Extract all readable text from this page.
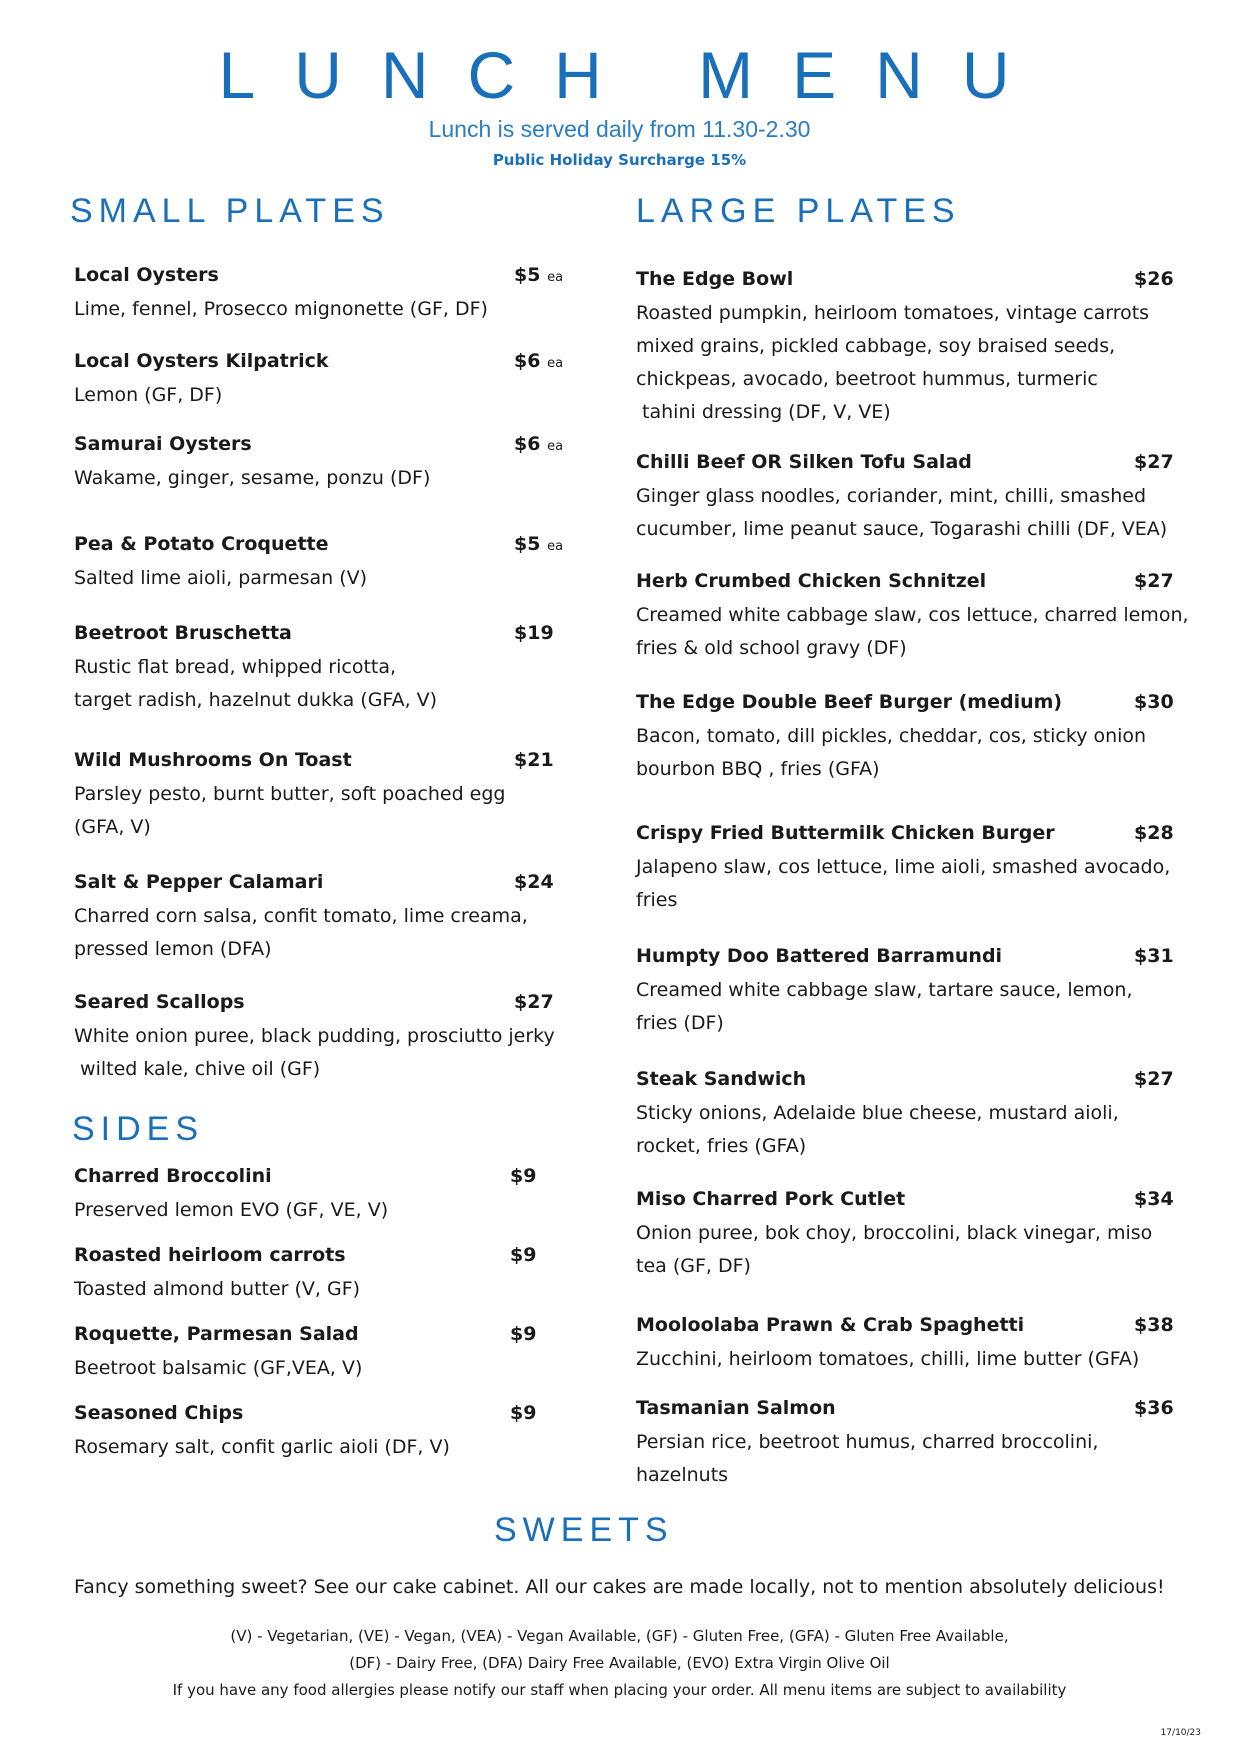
LUNCH MENU
Lunch is served daily from 11.30-2.30
Public Holiday Surcharge 15%
SMALL PLATES	LARGE PLATES
SIDES
SWEETS
Local Oysters	$5 ea
Lime, fennel, Prosecco mignonette (GF, DF)
Local Oysters Kilpatrick	$6 ea
Lemon (GF, DF)
Samurai Oysters	$6 ea
Wakame, ginger, sesame, ponzu (DF)
Pea & Potato Croquette	$5 ea
Salted lime aioli, parmesan (V)
Beetroot Bruschetta	$19
Rustic flat bread, whipped ricotta,
target radish, hazelnut dukka (GFA, V)
Wild Mushrooms On Toast	$21
Parsley pesto, burnt butter, soft poached egg
(GFA, V)
Salt & Pepper Calamari	$24
Charred corn salsa, confit tomato, lime creama,
pressed lemon (DFA)
Seared Scallops	$27
White onion puree, black pudding, prosciutto jerky
wilted kale, chive oil (GF)
Charred Broccolini	$9
Preserved lemon EVO (GF, VE, V)
Roasted heirloom carrots	$9
Toasted almond butter (V, GF)
Roquette, Parmesan Salad	$9
Beetroot balsamic (GF,VEA, V)
Seasoned Chips	$9
Rosemary salt, confit garlic aioli (DF, V)
The Edge Bowl	$26
Roasted pumpkin, heirloom tomatoes, vintage carrots
mixed grains, pickled cabbage, soy braised seeds,
chickpeas, avocado, beetroot hummus, turmeric
tahini dressing (DF, V, VE)
Chilli Beef OR Silken Tofu Salad	$27
Ginger glass noodles, coriander, mint, chilli, smashed
cucumber, lime peanut sauce, Togarashi chilli (DF, VEA)
Herb Crumbed Chicken Schnitzel	$27
Creamed white cabbage slaw, cos lettuce, charred lemon,
fries & old school gravy (DF)
The Edge Double Beef Burger (medium)	$30
Bacon, tomato, dill pickles, cheddar, cos, sticky onion
bourbon BBQ , fries (GFA)
Crispy Fried Buttermilk Chicken Burger	$28
Jalapeno slaw, cos lettuce, lime aioli, smashed avocado,
fries
Humpty Doo Battered Barramundi	$31
Creamed white cabbage slaw, tartare sauce, lemon,
fries (DF)
Steak Sandwich	$27
Sticky onions, Adelaide blue cheese, mustard aioli,
rocket, fries (GFA)
Miso Charred Pork Cutlet	$34
Onion puree, bok choy, broccolini, black vinegar, miso
tea (GF, DF)
Mooloolaba Prawn & Crab Spaghetti	$38
Zucchini, heirloom tomatoes, chilli, lime butter (GFA)
Tasmanian Salmon	$36
Persian rice, beetroot humus, charred broccolini,
hazelnuts
Fancy something sweet? See our cake cabinet. All our cakes are made locally, not to mention absolutely delicious!
(V) - Vegetarian, (VE) - Vegan, (VEA) - Vegan Available, (GF) - Gluten Free, (GFA) - Gluten Free Available,
(DF) - Dairy Free, (DFA) Dairy Free Available, (EVO) Extra Virgin Olive Oil
If you have any food allergies please notify our staff when placing your order. All menu items are subject to availability
17/10/23
